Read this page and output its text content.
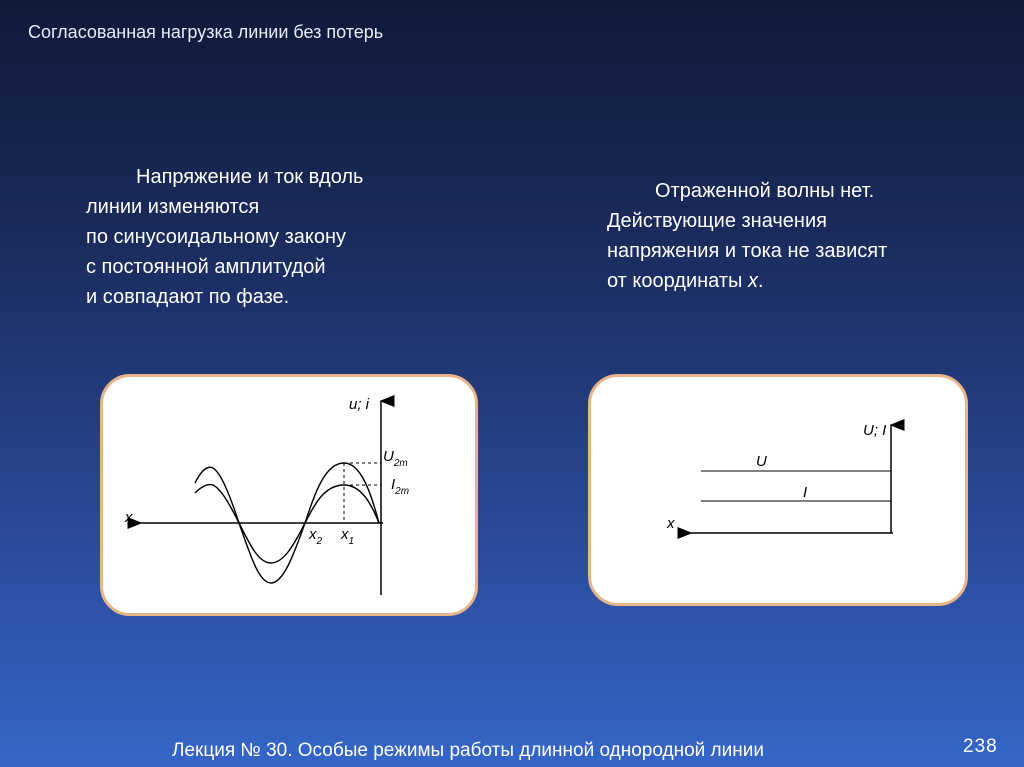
Согласованная нагрузка линии без потерь
Напряжение и ток вдоль
линии изменяются
по синусоидальному закону
с постоянной амплитудой
и совпадают по фазе.
Отраженной волны нет.
Действующие значения
напряжения и тока не зависят
от координаты x.
u; i
x
$U_{2m}$
$I_{2m}$
$x_2$ $x_1$
U; I
x
U
I
Лекция № 30. Особые режимы работы длинной однородной линии	238
